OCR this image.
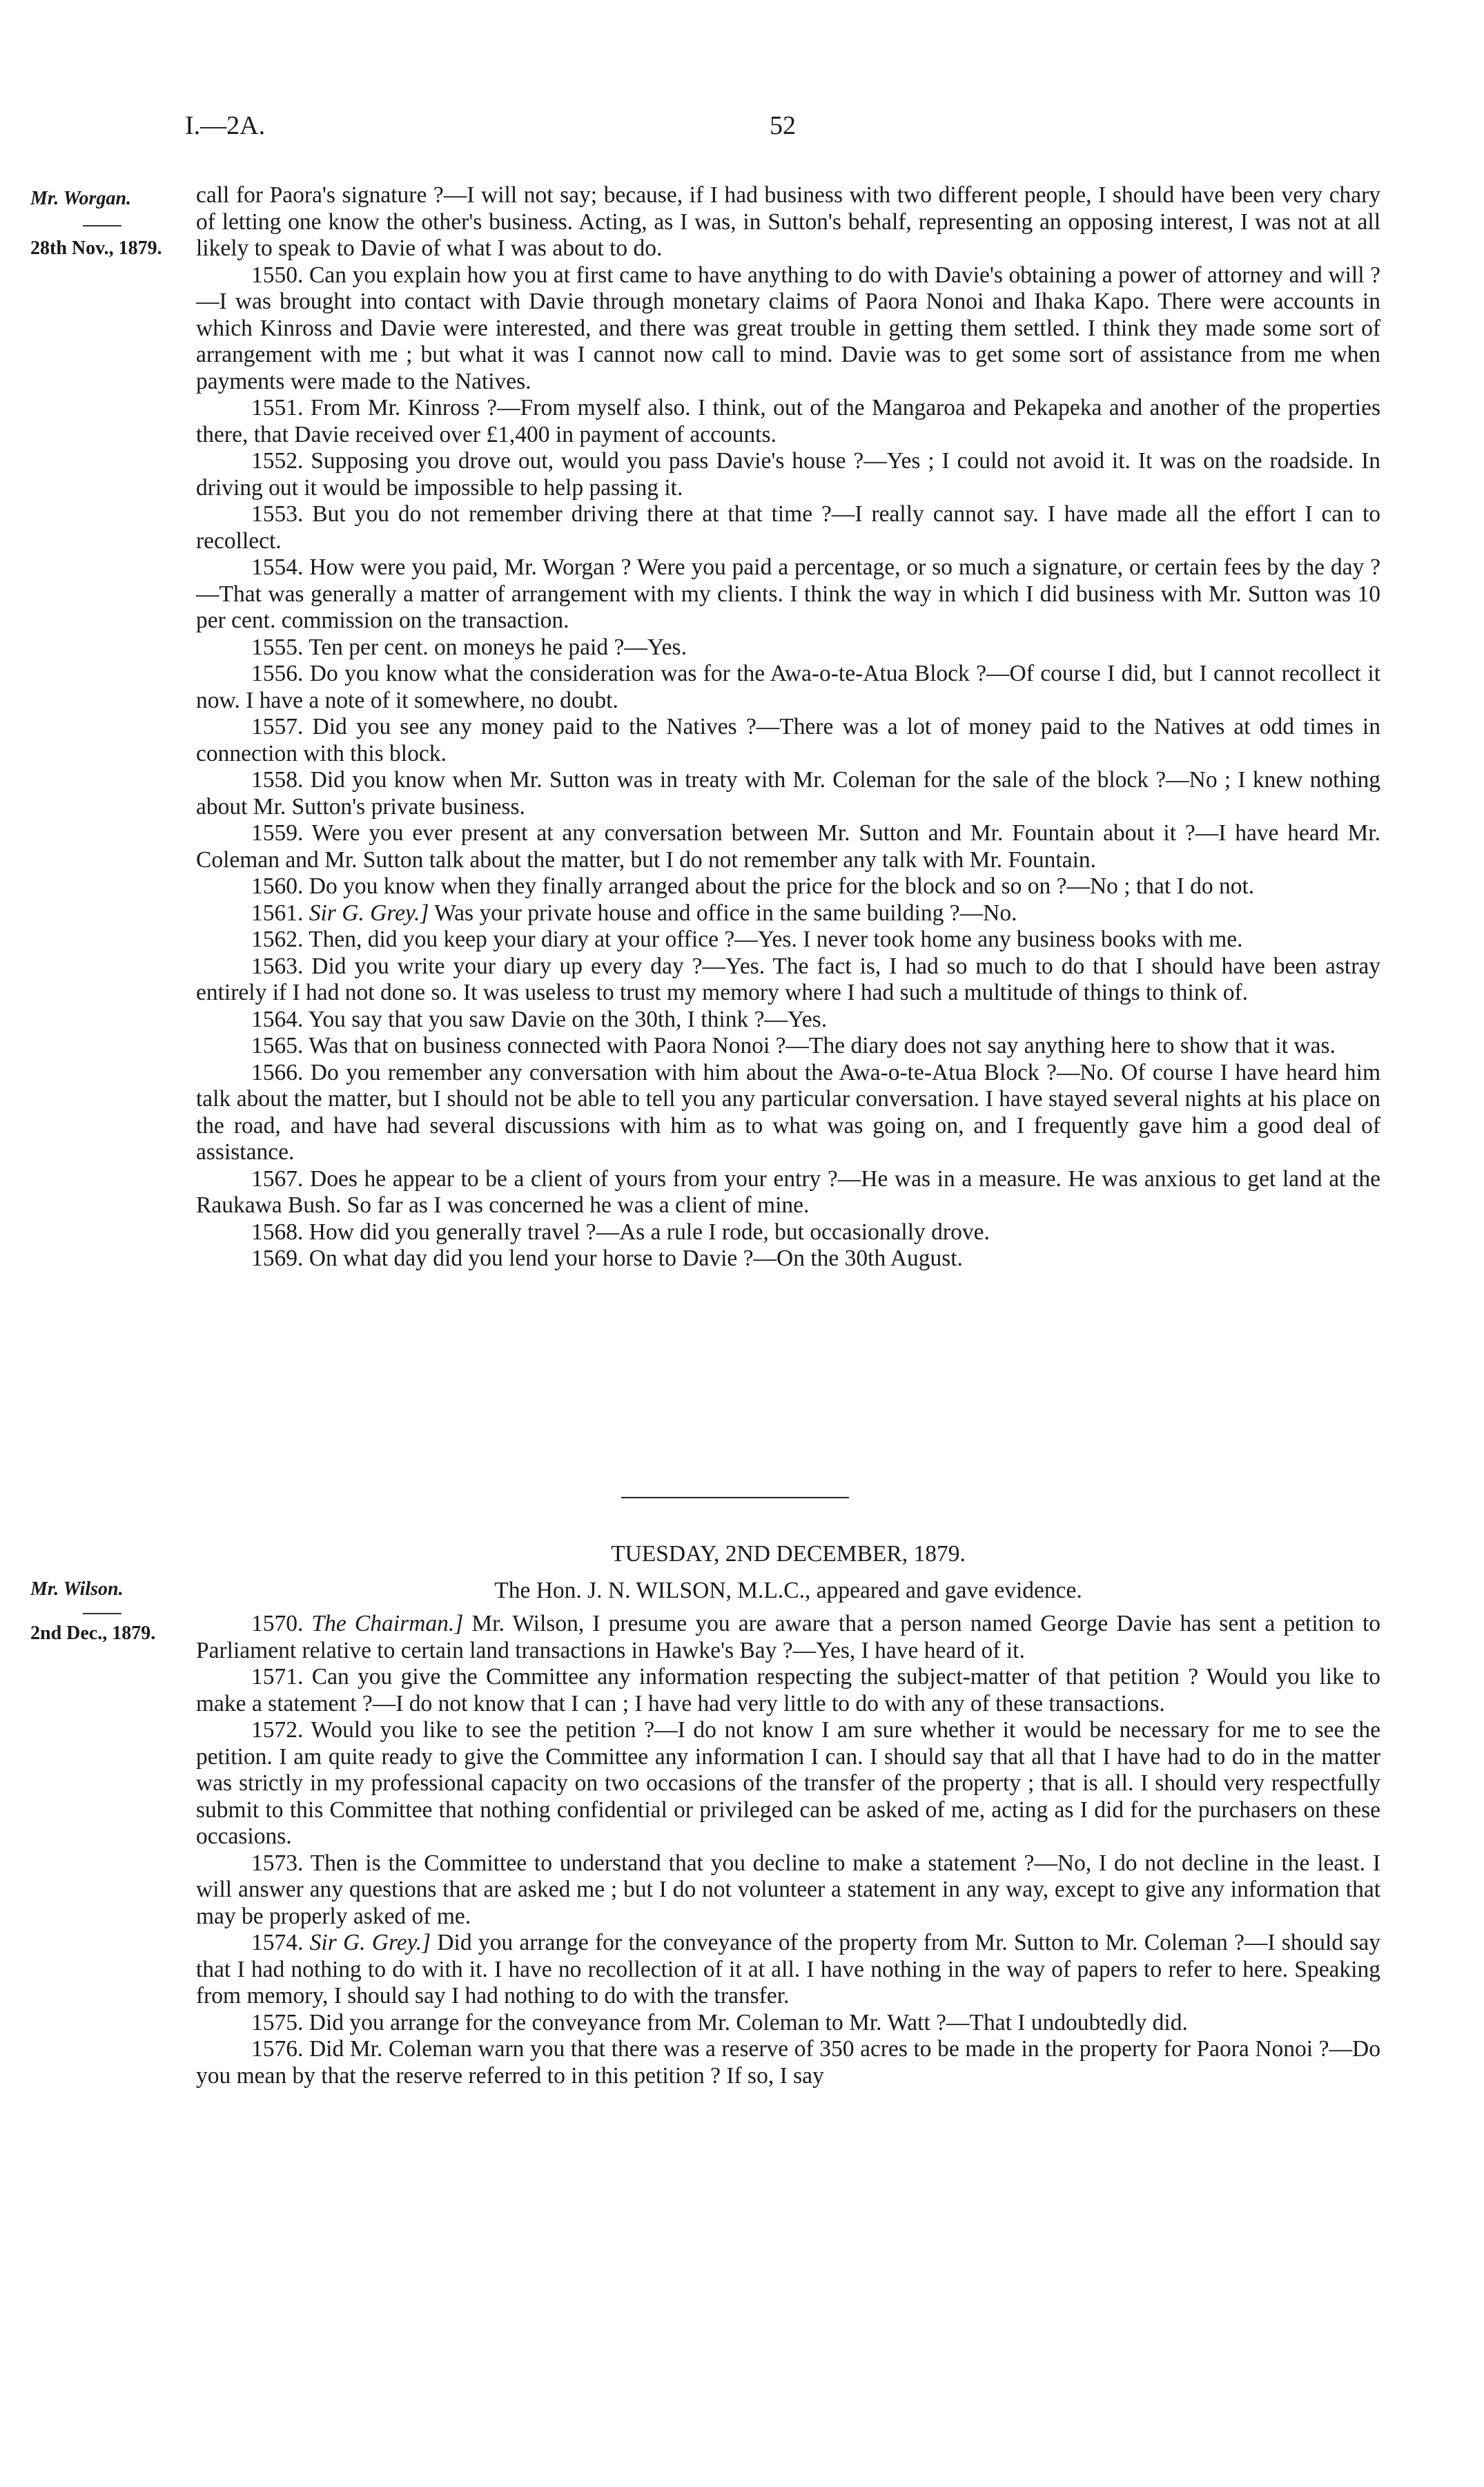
I.—2A.	52
Mr. Worgan.
28th Nov., 1879.

call for Paora's signature ?—I will not say; because, if I had business with two different people, I should have been very chary of letting one know the other's business. Acting, as I was, in Sutton's behalf, representing an opposing interest, I was not at all likely to speak to Davie of what I was about to do.

1550. Can you explain how you at first came to have anything to do with Davie's obtaining a power of attorney and will ?—I was brought into contact with Davie through monetary claims of Paora Nonoi and Ihaka Kapo. There were accounts in which Kinross and Davie were interested, and there was great trouble in getting them settled. I think they made some sort of arrangement with me ; but what it was I cannot now call to mind. Davie was to get some sort of assistance from me when payments were made to the Natives.

1551. From Mr. Kinross ?—From myself also. I think, out of the Mangaroa and Pekapeka and another of the properties there, that Davie received over £1,400 in payment of accounts.

1552. Supposing you drove out, would you pass Davie's house ?—Yes ; I could not avoid it. It was on the roadside. In driving out it would be impossible to help passing it.

1553. But you do not remember driving there at that time ?—I really cannot say. I have made all the effort I can to recollect.

1554. How were you paid, Mr. Worgan ? Were you paid a percentage, or so much a signature, or certain fees by the day ?—That was generally a matter of arrangement with my clients. I think the way in which I did business with Mr. Sutton was 10 per cent. commission on the transaction.

1555. Ten per cent. on moneys he paid ?—Yes.

1556. Do you know what the consideration was for the Awa-o-te-Atua Block ?—Of course I did, but I cannot recollect it now. I have a note of it somewhere, no doubt.

1557. Did you see any money paid to the Natives ?—There was a lot of money paid to the Natives at odd times in connection with this block.

1558. Did you know when Mr. Sutton was in treaty with Mr. Coleman for the sale of the block ?—No ; I knew nothing about Mr. Sutton's private business.

1559. Were you ever present at any conversation between Mr. Sutton and Mr. Fountain about it ?—I have heard Mr. Coleman and Mr. Sutton talk about the matter, but I do not remember any talk with Mr. Fountain.

1560. Do you know when they finally arranged about the price for the block and so on ?—No ; that I do not.

1561. Sir G. Grey.] Was your private house and office in the same building ?—No.

1562. Then, did you keep your diary at your office ?—Yes. I never took home any business books with me.

1563. Did you write your diary up every day ?—Yes. The fact is, I had so much to do that I should have been astray entirely if I had not done so. It was useless to trust my memory where I had such a multitude of things to think of.

1564. You say that you saw Davie on the 30th, I think ?—Yes.

1565. Was that on business connected with Paora Nonoi ?—The diary does not say anything here to show that it was.

1566. Do you remember any conversation with him about the Awa-o-te-Atua Block ?—No. Of course I have heard him talk about the matter, but I should not be able to tell you any particular conversation. I have stayed several nights at his place on the road, and have had several discussions with him as to what was going on, and I frequently gave him a good deal of assistance.

1567. Does he appear to be a client of yours from your entry ?—He was in a measure. He was anxious to get land at the Raukawa Bush. So far as I was concerned he was a client of mine.

1568. How did you generally travel ?—As a rule I rode, but occasionally drove.

1569. On what day did you lend your horse to Davie ?—On the 30th August.

Mr. Wilson.
2nd Dec., 1879.

TUESDAY, 2ND DECEMBER, 1879.

The Hon. J. N. WILSON, M.L.C., appeared and gave evidence.

1570. The Chairman.] Mr. Wilson, I presume you are aware that a person named George Davie has sent a petition to Parliament relative to certain land transactions in Hawke's Bay ?—Yes, I have heard of it.

1571. Can you give the Committee any information respecting the subject-matter of that petition ? Would you like to make a statement ?—I do not know that I can ; I have had very little to do with any of these transactions.

1572. Would you like to see the petition ?—I do not know I am sure whether it would be necessary for me to see the petition. I am quite ready to give the Committee any information I can. I should say that all that I have had to do in the matter was strictly in my professional capacity on two occasions of the transfer of the property ; that is all. I should very respectfully submit to this Committee that nothing confidential or privileged can be asked of me, acting as I did for the purchasers on these occasions.

1573. Then is the Committee to understand that you decline to make a statement ?—No, I do not decline in the least. I will answer any questions that are asked me ; but I do not volunteer a statement in any way, except to give any information that may be properly asked of me.

1574. Sir G. Grey.] Did you arrange for the conveyance of the property from Mr. Sutton to Mr. Coleman ?—I should say that I had nothing to do with it. I have no recollection of it at all. I have nothing in the way of papers to refer to here. Speaking from memory, I should say I had nothing to do with the transfer.

1575. Did you arrange for the conveyance from Mr. Coleman to Mr. Watt ?—That I undoubtedly did.

1576. Did Mr. Coleman warn you that there was a reserve of 350 acres to be made in the property for Paora Nonoi ?—Do you mean by that the reserve referred to in this petition ? If so, I say
